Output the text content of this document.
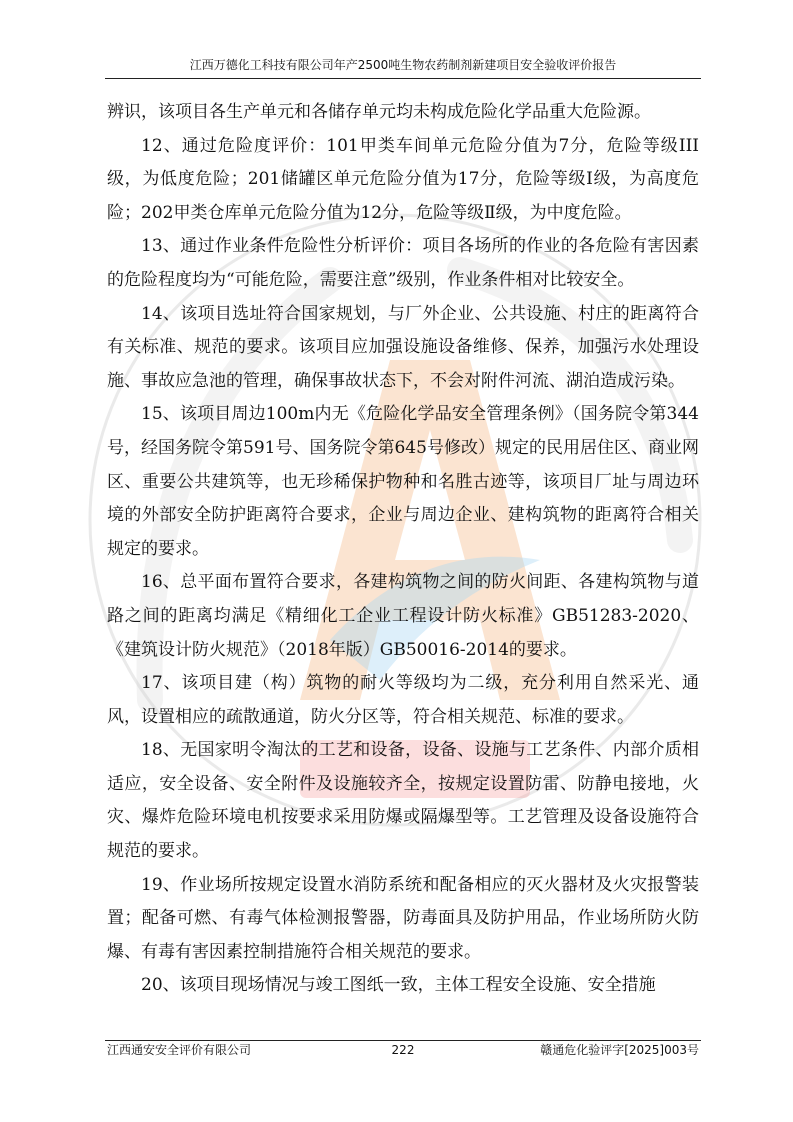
江西万德化工科技有限公司年产2500吨生物农药制剂新建项目安全验收评价报告

辨识，该项目各生产单元和各储存单元均未构成危险化学品重大危险源。

12、通过危险度评价：101甲类车间单元危险分值为7分，危险等级III级，为低度危险；201储罐区单元危险分值为17分，危险等级Ⅰ级，为高度危险；202甲类仓库单元危险分值为12分，危险等级Ⅱ级，为中度危险。

13、通过作业条件危险性分析评价：项目各场所的作业的各危险有害因素的危险程度均为“可能危险，需要注意”级别，作业条件相对比较安全。

14、该项目选址符合国家规划，与厂外企业、公共设施、村庄的距离符合有关标准、规范的要求。该项目应加强设施设备维修、保养，加强污水处理设施、事故应急池的管理，确保事故状态下，不会对附件河流、湖泊造成污染。

15、该项目周边100m内无《危险化学品安全管理条例》（国务院令第344号，经国务院令第591号、国务院令第645号修改）规定的民用居住区、商业网区、重要公共建筑等，也无珍稀保护物种和名胜古迹等，该项目厂址与周边环境的外部安全防护距离符合要求，企业与周边企业、建构筑物的距离符合相关规定的要求。

16、总平面布置符合要求，各建构筑物之间的防火间距、各建构筑物与道路之间的距离均满足《精细化工企业工程设计防火标准》GB51283-2020、《建筑设计防火规范》（2018年版）GB50016-2014的要求。

17、该项目建（构）筑物的耐火等级均为二级，充分利用自然采光、通风，设置相应的疏散通道，防火分区等，符合相关规范、标准的要求。

18、无国家明令淘汰的工艺和设备，设备、设施与工艺条件、内部介质相适应，安全设备、安全附件及设施较齐全，按规定设置防雷、防静电接地，火灾、爆炸危险环境电机按要求采用防爆或隔爆型等。工艺管理及设备设施符合规范的要求。

19、作业场所按规定设置水消防系统和配备相应的灭火器材及火灾报警装置；配备可燃、有毒气体检测报警器，防毒面具及防护用品，作业场所防火防爆、有毒有害因素控制措施符合相关规范的要求。

20、该项目现场情况与竣工图纸一致，主体工程安全设施、安全措施

江西通安安全评价有限公司	222	赣通危化验评字[2025]003号
